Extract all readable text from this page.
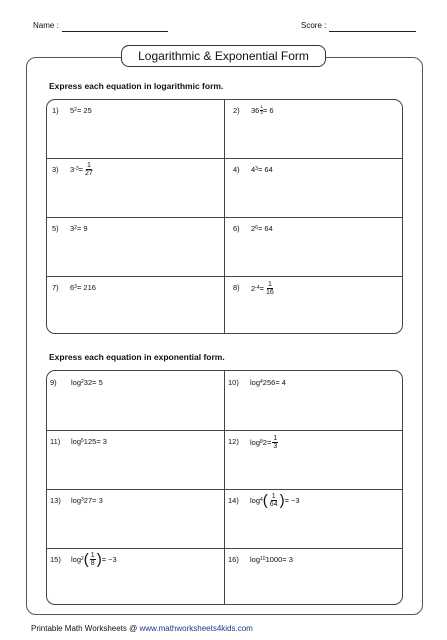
Name :	Score :
Logarithmic & Exponential Form
Express each equation in logarithmic form.
1) 5 2 = 25	2) $36 \frac{1}{2} = 6$
3) 3 $-3 = \frac{1}{27}$	4) 4 3 = 64
5) 3 2 = 9	6) 2 6 = 64
7) 6 3 = 216	8) 2 $-4 = \frac{1}{16}$
Express each equation in exponential form.
9) log 2 32 = 5	10) log 4 256 = 4
11) log 5 125 = 3	12) log 8 $2 = \frac{1}{3}$
13) log 3 27 = 3	14) log 4 ( $\frac{1}{64}$ ) = −3
15) log 2 ( $\frac{1}{8}$ ) = −3	16) log 10 1000 = 3
Printable Math Worksheets @ www.mathworksheets4kids.com
